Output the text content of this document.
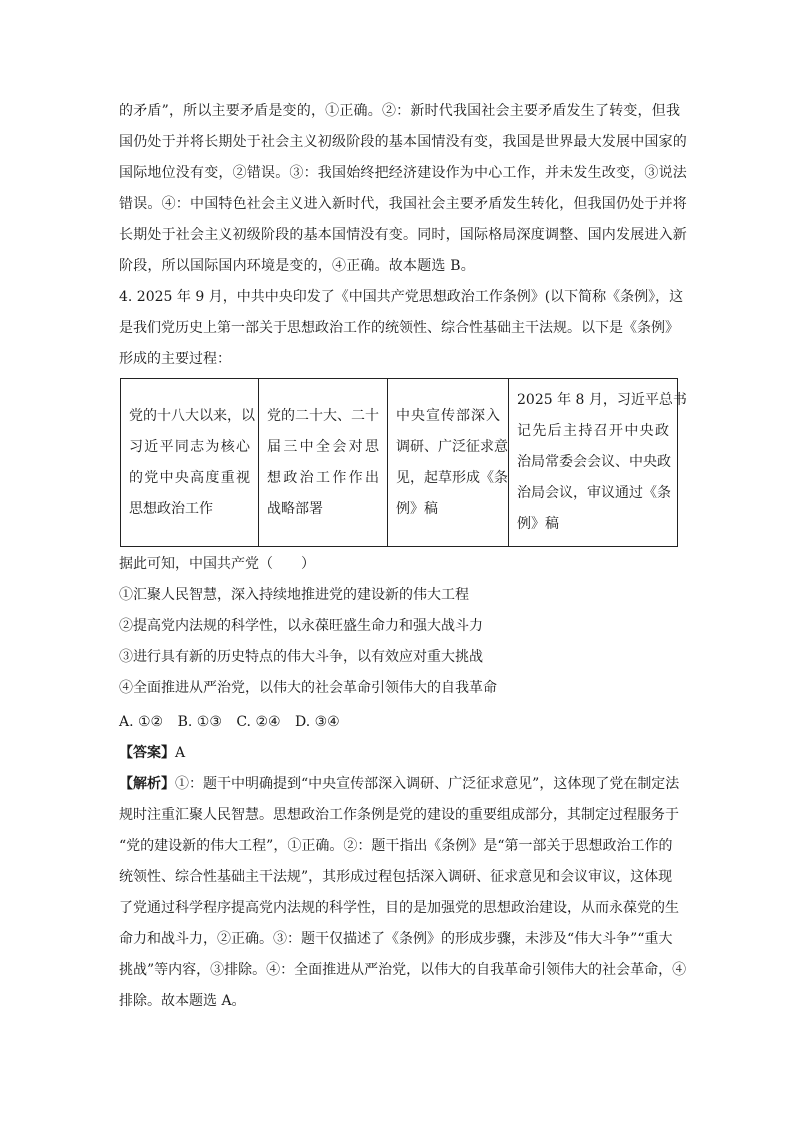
的矛盾”，所以主要矛盾是变的，①正确。②：新时代我国社会主要矛盾发生了转变，但我
国仍处于并将长期处于社会主义初级阶段的基本国情没有变，我国是世界最大发展中国家的
国际地位没有变，②错误。③：我国始终把经济建设作为中心工作，并未发生改变，③说法
错误。④：中国特色社会主义进入新时代，我国社会主要矛盾发生转化，但我国仍处于并将
长期处于社会主义初级阶段的基本国情没有变。同时，国际格局深度调整、国内发展进入新
阶段，所以国际国内环境是变的，④正确。故本题选 B。
4. 2025 年 9 月，中共中央印发了《中国共产党思想政治工作条例》(以下简称《条例》，这
是我们党历史上第一部关于思想政治工作的统领性、综合性基础主干法规。以下是《条例》
形成的主要过程：
党的十八大以来，以
习近平同志为核心
的党中央高度重视
思想政治工作

党的二十大、二十
届三中全会对思
想政治工作作出
战略部署

中央宣传部深入
调研、广泛征求意
见，起草形成《条
例》稿

2025 年 8 月，习近平总书
记先后主持召开中央政
治局常委会会议、中央政
治局会议，审议通过《条
例》稿
据此可知，中国共产党（　　）
①汇聚人民智慧，深入持续地推进党的建设新的伟大工程
②提高党内法规的科学性，以永葆旺盛生命力和强大战斗力
③进行具有新的历史特点的伟大斗争，以有效应对重大挑战
④全面推进从严治党，以伟大的社会革命引领伟大的自我革命
A. ①② B. ①③ C. ②④ D. ③④
【答案】A
【解析】①：题干中明确提到“中央宣传部深入调研、广泛征求意见”，这体现了党在制定法
规时注重汇聚人民智慧。思想政治工作条例是党的建设的重要组成部分，其制定过程服务于
“党的建设新的伟大工程”，①正确。②：题干指出《条例》是“第一部关于思想政治工作的
统领性、综合性基础主干法规”，其形成过程包括深入调研、征求意见和会议审议，这体现
了党通过科学程序提高党内法规的科学性，目的是加强党的思想政治建设，从而永葆党的生
命力和战斗力，②正确。③：题干仅描述了《条例》的形成步骤，未涉及“伟大斗争”“重大
挑战”等内容，③排除。④：全面推进从严治党，以伟大的自我革命引领伟大的社会革命，④
排除。故本题选 A。
